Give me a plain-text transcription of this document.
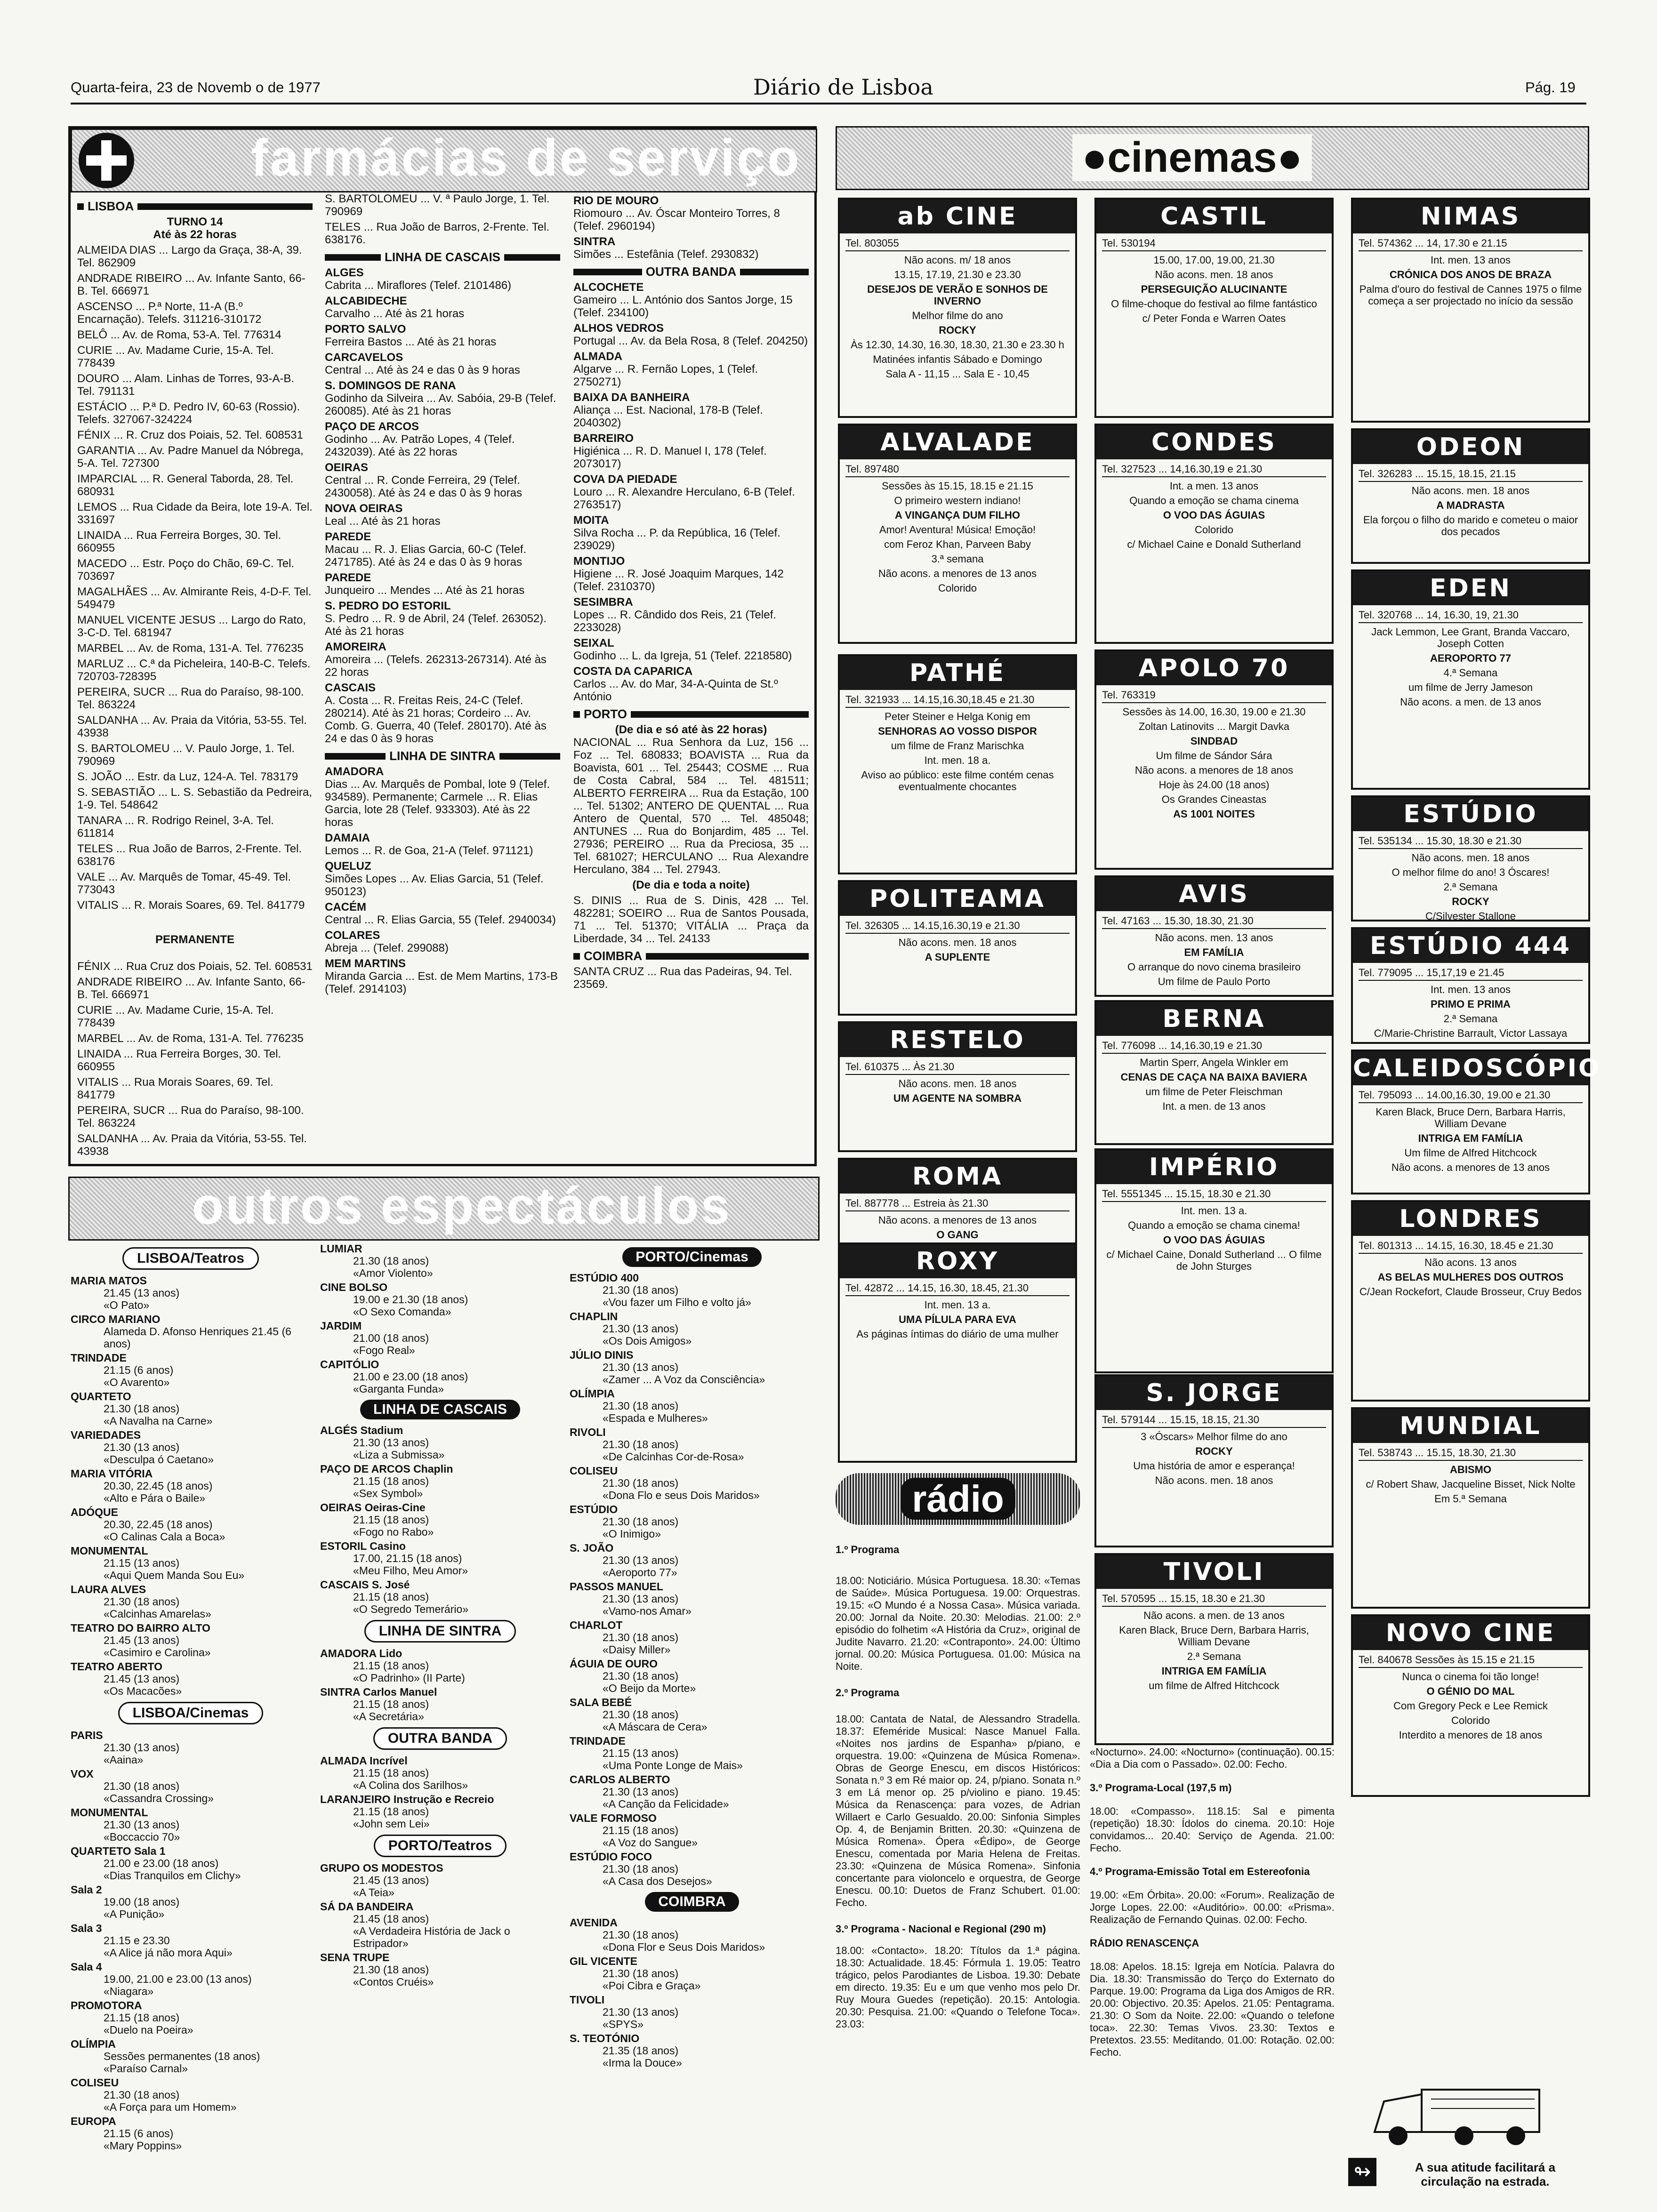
Quarta-feira, 23 de Novemb o de 1977	Diário de Lisboa	Pág. 19
farmácias de serviço
LISBOA
TURNO 14
Até às 22 horas
ALMEIDA DIAS ... Largo da Graça, 38-A, 39. Tel. 862909
ANDRADE RIBEIRO ... Av. Infante Santo, 66-B. Tel. 666971
ASCENSO ... P.ª Norte, 11-A (B.º Encarnação). Telefs. 311216-310172
BELÔ ... Av. de Roma, 53-A. Tel. 776314
CURIE ... Av. Madame Curie, 15-A. Tel. 778439
DOURO ... Alam. Linhas de Torres, 93-A-B. Tel. 791131
ESTÁCIO ... P.ª D. Pedro IV, 60-63 (Rossio). Telefs. 327067-324224
FÉNIX ... R. Cruz dos Poiais, 52. Tel. 608531
GARANTIA ... Av. Padre Manuel da Nóbrega, 5-A. Tel. 727300
IMPARCIAL ... R. General Taborda, 28. Tel. 680931
LEMOS ... Rua Cidade da Beira, lote 19-A. Tel. 331697
LINAIDA ... Rua Ferreira Borges, 30. Tel. 660955
MACEDO ... Estr. Poço do Chão, 69-C. Tel. 703697
MAGALHÃES ... Av. Almirante Reis, 4-D-F. Tel. 549479
MANUEL VICENTE JESUS ... Largo do Rato, 3-C-D. Tel. 681947
MARBEL ... Av. de Roma, 131-A. Tel. 776235
MARLUZ ... C.ª da Picheleira, 140-B-C. Telefs. 720703-728395
PEREIRA, SUCR ... Rua do Paraíso, 98-100. Tel. 863224
SALDANHA ... Av. Praia da Vitória, 53-55. Tel. 43938
S. BARTOLOMEU ... V. Paulo Jorge, 1. Tel. 790969
S. JOÃO ... Estr. da Luz, 124-A. Tel. 783179
S. SEBASTIÃO ... L. S. Sebastião da Pedreira, 1-9. Tel. 548642
TANARA ... R. Rodrigo Reinel, 3-A. Tel. 611814
TELES ... Rua João de Barros, 2-Frente. Tel. 638176
VALE ... Av. Marquês de Tomar, 45-49. Tel. 773043
VITALIS ... R. Morais Soares, 69. Tel. 841779
PERMANENTE
FÉNIX ... Rua Cruz dos Poiais, 52. Tel. 608531
ANDRADE RIBEIRO ... Av. Infante Santo, 66-B. Tel. 666971
CURIE ... Av. Madame Curie, 15-A. Tel. 778439
MARBEL ... Av. de Roma, 131-A. Tel. 776235
LINAIDA ... Rua Ferreira Borges, 30. Tel. 660955
VITALIS ... Rua Morais Soares, 69. Tel. 841779
PEREIRA, SUCR ... Rua do Paraíso, 98-100. Tel. 863224
SALDANHA ... Av. Praia da Vitória, 53-55. Tel. 43938
S. BARTOLOMEU ... V. ª Paulo Jorge, 1. Tel. 790969
TELES ... Rua João de Barros, 2-Frente. Tel. 638176.
LINHA DE CASCAIS
ALGES
Cabrita ... Miraflores (Telef. 2101486)
ALCABIDECHE
Carvalho ... Até às 21 horas
PORTO SALVO
Ferreira Bastos ... Até às 21 horas
CARCAVELOS
Central ... Até às 24 e das 0 às 9 horas
S. DOMINGOS DE RANA
Godinho da Silveira ... Av. Sabóia, 29-B (Telef. 260085). Até às 21 horas
PAÇO DE ARCOS
Godinho ... Av. Patrão Lopes, 4 (Telef. 2432039). Até às 22 horas
OEIRAS
Central ... R. Conde Ferreira, 29 (Telef. 2430058). Até às 24 e das 0 às 9 horas
NOVA OEIRAS
Leal ... Até às 21 horas
PAREDE
Macau ... R. J. Elias Garcia, 60-C (Telef. 2471785). Até às 24 e das 0 às 9 horas
PAREDE
Junqueiro ... Mendes ... Até às 21 horas
S. PEDRO DO ESTORIL
S. Pedro ... R. 9 de Abril, 24 (Telef. 263052). Até às 21 horas
AMOREIRA
Amoreira ... (Telefs. 262313-267314). Até às 22 horas
CASCAIS
A. Costa ... R. Freitas Reis, 24-C (Telef. 280214). Até às 21 horas; Cordeiro ... Av. Comb. G. Guerra, 40 (Telef. 280170). Até às 24 e das 0 às 9 horas
LINHA DE SINTRA
AMADORA
Dias ... Av. Marquês de Pombal, lote 9 (Telef. 934589). Permanente; Carmele ... R. Elias Garcia, lote 28 (Telef. 933303). Até às 22 horas
DAMAIA
Lemos ... R. de Goa, 21-A (Telef. 971121)
QUELUZ
Simões Lopes ... Av. Elias Garcia, 51 (Telef. 950123)
CACÉM
Central ... R. Elias Garcia, 55 (Telef. 2940034)
COLARES
Abreja ... (Telef. 299088)
MEM MARTINS
Miranda Garcia ... Est. de Mem Martins, 173-B (Telef. 2914103)
RIO DE MOURO
Riomouro ... Av. Óscar Monteiro Torres, 8 (Telef. 2960194)
SINTRA
Simões ... Estefânia (Telef. 2930832)
OUTRA BANDA
ALCOCHETE
Gameiro ... L. António dos Santos Jorge, 15 (Telef. 234100)
ALHOS VEDROS
Portugal ... Av. da Bela Rosa, 8 (Telef. 204250)
ALMADA
Algarve ... R. Fernão Lopes, 1 (Telef. 2750271)
BAIXA DA BANHEIRA
Aliança ... Est. Nacional, 178-B (Telef. 2040302)
BARREIRO
Higiénica ... R. D. Manuel I, 178 (Telef. 2073017)
COVA DA PIEDADE
Louro ... R. Alexandre Herculano, 6-B (Telef. 2763517)
MOITA
Silva Rocha ... P. da República, 16 (Telef. 239029)
MONTIJO
Higiene ... R. José Joaquim Marques, 142 (Telef. 2310370)
SESIMBRA
Lopes ... R. Cândido dos Reis, 21 (Telef. 2233028)
SEIXAL
Godinho ... L. da Igreja, 51 (Telef. 2218580)
COSTA DA CAPARICA
Carlos ... Av. do Mar, 34-A-Quinta de St.º António
PORTO
(De dia e só até às 22 horas)
NACIONAL ... Rua Senhora da Luz, 156 ... Foz ... Tel. 680833; BOAVISTA ... Rua da Boavista, 601 ... Tel. 25443; COSME ... Rua de Costa Cabral, 584 ... Tel. 481511; ALBERTO FERREIRA ... Rua da Estação, 100 ... Tel. 51302; ANTERO DE QUENTAL ... Rua Antero de Quental, 570 ... Tel. 485048; ANTUNES ... Rua do Bonjardim, 485 ... Tel. 27936; PEREIRO ... Rua da Preciosa, 35 ... Tel. 681027; HERCULANO ... Rua Alexandre Herculano, 384 ... Tel. 27943.
(De dia e toda a noite)
S. DINIS ... Rua de S. Dinis, 428 ... Tel. 482281; SOEIRO ... Rua de Santos Pousada, 71 ... Tel. 51370; VITÁLIA ... Praça da Liberdade, 34 ... Tel. 24133
COIMBRA
SANTA CRUZ ... Rua das Padeiras, 94. Tel. 23569.
outros espectáculos
LISBOA/Teatros
MARIA MATOS
21.45 (13 anos)
«O Pato»
CIRCO MARIANO
Alameda D. Afonso Henriques 21.45 (6 anos)
TRINDADE
21.15 (6 anos)
«O Avarento»
QUARTETO
21.30 (18 anos)
«A Navalha na Carne»
VARIEDADES
21.30 (13 anos)
«Desculpa ó Caetano»
MARIA VITÓRIA
20.30, 22.45 (18 anos)
«Alto e Pára o Baile»
ADÓQUE
20.30, 22.45 (18 anos)
«O Calinas Cala a Boca»
MONUMENTAL
21.15 (13 anos)
«Aqui Quem Manda Sou Eu»
LAURA ALVES
21.30 (18 anos)
«Calcinhas Amarelas»
TEATRO DO BAIRRO ALTO
21.45 (13 anos)
«Casimiro e Carolina»
TEATRO ABERTO
21.45 (13 anos)
«Os Macacões»
LISBOA/Cinemas
PARIS
21.30 (13 anos)
«Aaina»
VOX
21.30 (18 anos)
«Cassandra Crossing»
MONUMENTAL
21.30 (13 anos)
«Boccaccio 70»
QUARTETO Sala 1
21.00 e 23.00 (18 anos)
«Dias Tranquilos em Clichy»
Sala 2
19.00 (18 anos)
«A Punição»
Sala 3
21.15 e 23.30
«A Alice já não mora Aqui»
Sala 4
19.00, 21.00 e 23.00 (13 anos)
«Niagara»
PROMOTORA
21.15 (18 anos)
«Duelo na Poeira»
OLÍMPIA
Sessões permanentes (18 anos)
«Paraíso Carnal»
COLISEU
21.30 (18 anos)
«A Força para um Homem»
EUROPA
21.15 (6 anos)
«Mary Poppins»
LUMIAR
21.30 (18 anos)
«Amor Violento»
CINE BOLSO
19.00 e 21.30 (18 anos)
«O Sexo Comanda»
JARDIM
21.00 (18 anos)
«Fogo Real»
CAPITÓLIO
21.00 e 23.00 (18 anos)
«Garganta Funda»
LINHA DE CASCAIS
ALGÉS Stadium
21.30 (13 anos)
«Liza a Submissa»
PAÇO DE ARCOS Chaplin
21.15 (18 anos)
«Sex Symbol»
OEIRAS Oeiras-Cine
21.15 (18 anos)
«Fogo no Rabo»
ESTORIL Casino
17.00, 21.15 (18 anos)
«Meu Filho, Meu Amor»
CASCAIS S. José
21.15 (18 anos)
«O Segredo Temerário»
LINHA DE SINTRA
AMADORA Lido
21.15 (18 anos)
«O Padrinho» (II Parte)
SINTRA Carlos Manuel
21.15 (18 anos)
«A Secretária»
OUTRA BANDA
ALMADA Incrível
21.15 (18 anos)
«A Colina dos Sarilhos»
LARANJEIRO Instrução e Recreio
21.15 (18 anos)
«John sem Lei»
PORTO/Teatros
GRUPO OS MODESTOS
21.45 (13 anos)
«A Teia»
SÁ DA BANDEIRA
21.45 (18 anos)
«A Verdadeira História de Jack o Estripador»
SENA TRUPE
21.30 (18 anos)
«Contos Cruéis»
PORTO/Cinemas
ESTÚDIO 400
21.30 (18 anos)
«Vou fazer um Filho e volto já»
CHAPLIN
21.30 (13 anos)
«Os Dois Amigos»
JÚLIO DINIS
21.30 (13 anos)
«Zamer ... A Voz da Consciência»
OLÍMPIA
21.30 (18 anos)
«Espada e Mulheres»
RIVOLI
21.30 (18 anos)
«De Calcinhas Cor-de-Rosa»
COLISEU
21.30 (18 anos)
«Dona Flo e seus Dois Maridos»
ESTÚDIO
21.30 (18 anos)
«O Inimigo»
S. JOÃO
21.30 (13 anos)
«Aeroporto 77»
PASSOS MANUEL
21.30 (13 anos)
«Vamo-nos Amar»
CHARLOT
21.30 (18 anos)
«Daisy Miller»
ÁGUIA DE OURO
21.30 (18 anos)
«O Beijo da Morte»
SALA BEBÉ
21.30 (18 anos)
«A Máscara de Cera»
TRINDADE
21.15 (13 anos)
«Uma Ponte Longe de Mais»
CARLOS ALBERTO
21.30 (13 anos)
«A Canção da Felicidade»
VALE FORMOSO
21.15 (18 anos)
«A Voz do Sangue»
ESTÚDIO FOCO
21.30 (18 anos)
«A Casa dos Desejos»
COIMBRA
AVENIDA
21.30 (18 anos)
«Dona Flor e Seus Dois Maridos»
GIL VICENTE
21.30 (18 anos)
«Poi Cibra e Graça»
TIVOLI
21.30 (13 anos)
«SPYS»
S. TEOTÓNIO
21.35 (18 anos)
«Irma la Douce»
●cinemas●
ab CINE
Tel. 803055
Não acons. m/ 18 anos
13.15, 17.19, 21.30 e 23.30
DESEJOS DE VERÃO E SONHOS DE INVERNO
Melhor filme do ano
ROCKY
Às 12.30, 14.30, 16.30, 18.30, 21.30 e 23.30 h
Matinées infantis Sábado e Domingo
Sala A - 11,15 ... Sala E - 10,45
CASTIL
Tel. 530194
15.00, 17.00, 19.00, 21.30
Não acons. men. 18 anos
PERSEGUIÇÃO ALUCINANTE
O filme-choque do festival ao filme fantástico
c/ Peter Fonda e Warren Oates
NIMAS
Tel. 574362 ... 14, 17.30 e 21.15
Int. men. 13 anos
CRÓNICA DOS ANOS DE BRAZA
Palma d'ouro do festival de Cannes 1975 o filme começa a ser projectado no início da sessão
ALVALADE
Tel. 897480
Sessões às 15.15, 18.15 e 21.15
O primeiro western indiano!
A VINGANÇA DUM FILHO
Amor! Aventura! Música! Emoção!
com Feroz Khan, Parveen Baby
3.ª semana
Não acons. a menores de 13 anos
Colorido
CONDES
Tel. 327523 ... 14,16.30,19 e 21.30
Int. a men. 13 anos
Quando a emoção se chama cinema
O VOO DAS ÁGUIAS
Colorido
c/ Michael Caine e Donald Sutherland
ODEON
Tel. 326283 ... 15.15, 18.15, 21.15
Não acons. men. 18 anos
A MADRASTA
Ela forçou o filho do marido e cometeu o maior dos pecados
PATHÉ
Tel. 321933 ... 14.15,16.30,18.45 e 21.30
Peter Steiner e Helga Konig em
SENHORAS AO VOSSO DISPOR
um filme de Franz Marischka
Int. men. 18 a.
Aviso ao público: este filme contém cenas eventualmente chocantes
APOLO 70
Tel. 763319
Sessões às 14.00, 16.30, 19.00 e 21.30
Zoltan Latinovits ... Margit Davka
SINDBAD
Um filme de Sándor Sára
Não acons. a menores de 18 anos
Hoje às 24.00 (18 anos)
Os Grandes Cineastas
AS 1001 NOITES
EDEN
Tel. 320768 ... 14, 16.30, 19, 21.30
Jack Lemmon, Lee Grant, Branda Vaccaro, Joseph Cotten
AEROPORTO 77
4.ª Semana
um filme de Jerry Jameson
Não acons. a men. de 13 anos
POLITEAMA
Tel. 326305 ... 14.15,16.30,19 e 21.30
Não acons. men. 18 anos
A SUPLENTE
AVIS
Tel. 47163 ... 15.30, 18.30, 21.30
Não acons. men. 13 anos
EM FAMÍLIA
O arranque do novo cinema brasileiro
Um filme de Paulo Porto
ESTÚDIO
Tel. 535134 ... 15.30, 18.30 e 21.30
Não acons. men. 18 anos
O melhor filme do ano! 3 Óscares!
2.ª Semana
ROCKY
C/Silvester Stallone
RESTELO
Tel. 610375 ... Às 21.30
Não acons. men. 18 anos
UM AGENTE NA SOMBRA
BERNA
Tel. 776098 ... 14,16.30,19 e 21.30
Martin Sperr, Angela Winkler em
CENAS DE CAÇA NA BAIXA BAVIERA
um filme de Peter Fleischman
Int. a men. de 13 anos
ESTÚDIO 444
Tel. 779095 ... 15,17,19 e 21.45
Int. men. 13 anos
PRIMO E PRIMA
2.ª Semana
C/Marie-Christine Barrault, Victor Lassaya
ROMA
Tel. 887778 ... Estreia às 21.30
Não acons. a menores de 13 anos
O GANG
IMPÉRIO
Tel. 5551345 ... 15.15, 18.30 e 21.30
Int. men. 13 a.
Quando a emoção se chama cinema!
O VOO DAS ÁGUIAS
c/ Michael Caine, Donald Sutherland ... O filme de John Sturges
CALEIDOSCÓPIO
Tel. 795093 ... 14.00,16.30, 19.00 e 21.30
Karen Black, Bruce Dern, Barbara Harris, William Devane
INTRIGA EM FAMÍLIA
Um filme de Alfred Hitchcock
Não acons. a menores de 13 anos
ROXY
Tel. 42872 ... 14.15, 16.30, 18.45, 21.30
Int. men. 13 a.
UMA PÍLULA PARA EVA
As páginas íntimas do diário de uma mulher
LONDRES
Tel. 801313 ... 14.15, 16.30, 18.45 e 21.30
Não acons. 13 anos
AS BELAS MULHERES DOS OUTROS
C/Jean Rockefort, Claude Brosseur, Cruy Bedos
S. JORGE
Tel. 579144 ... 15.15, 18.15, 21.30
3 «Óscars» Melhor filme do ano
ROCKY
Uma história de amor e esperança!
Não acons. men. 18 anos
MUNDIAL
Tel. 538743 ... 15.15, 18.30, 21.30
ABISMO
c/ Robert Shaw, Jacqueline Bisset, Nick Nolte
Em 5.ª Semana
TIVOLI
Tel. 570595 ... 15.15, 18.30 e 21.30
Não acons. a men. de 13 anos
Karen Black, Bruce Dern, Barbara Harris, William Devane
2.ª Semana
INTRIGA EM FAMÍLIA
um filme de Alfred Hitchcock
NOVO CINE
Tel. 840678 Sessões às 15.15 e 21.15
Nunca o cinema foi tão longe!
O GÉNIO DO MAL
Com Gregory Peck e Lee Remick
Colorido
Interdito a menores de 18 anos
rádio
1.º Programa
18.00: Noticiário. Música Portuguesa. 18.30: «Temas de Saúde». Música Portuguesa. 19.00: Orquestras. 19.15: «O Mundo é a Nossa Casa». Música variada. 20.00: Jornal da Noite. 20.30: Melodias. 21.00: 2.º episódio do folhetim «A História da Cruz», original de Judite Navarro. 21.20: «Contraponto». 24.00: Último jornal. 00.20: Música Portuguesa. 01.00: Música na Noite.
2.º Programa
18.00: Cantata de Natal, de Alessandro Stradella. 18.37: Efeméride Musical: Nasce Manuel Falla. «Noites nos jardins de Espanha» p/piano, e orquestra. 19.00: «Quinzena de Música Romena». Obras de George Enescu, em discos Históricos: Sonata n.º 3 em Ré maior op. 24, p/piano. Sonata n.º 3 em Lá menor op. 25 p/violino e piano. 19.45: Música da Renascença: para vozes, de Adrian Willaert e Carlo Gesualdo. 20.00: Sinfonia Simples Op. 4, de Benjamin Britten. 20.30: «Quinzena de Música Romena». Ópera «Édipo», de George Enescu, comentada por Maria Helena de Freitas. 23.30: «Quinzena de Música Romena». Sinfonia concertante para violoncelo e orquestra, de George Enescu. 00.10: Duetos de Franz Schubert. 01.00: Fecho.
3.º Programa - Nacional e Regional (290 m)
18.00: «Contacto». 18.20: Títulos da 1.ª página. 18.30: Actualidade. 18.45: Fórmula 1. 19.05: Teatro trágico, pelos Parodiantes de Lisboa. 19.30: Debate em directo. 19.35: Eu e um que venho mos pelo Dr. Ruy Moura Guedes (repetição). 20.15: Antologia. 20.30: Pesquisa. 21.00: «Quando o Telefone Toca». 23.03:
«Nocturno». 24.00: «Nocturno» (continuação). 00.15: «Dia a Dia com o Passado». 02.00: Fecho.
3.º Programa-Local (197,5 m)
18.00: «Compasso». 118.15: Sal e pimenta (repetição) 18.30: Ídolos do cinema. 20.10: Hoje convidamos... 20.40: Serviço de Agenda. 21.00: Fecho.
4.º Programa-Emissão Total em Estereofonia
19.00: «Em Órbita». 20.00: «Forum». Realização de Jorge Lopes. 22.00: «Auditório». 00.00: «Prisma». Realização de Fernando Quinas. 02.00: Fecho.
RÁDIO RENASCENÇA
18.08: Apelos. 18.15: Igreja em Notícia. Palavra do Dia. 18.30: Transmissão do Terço do Externato do Parque. 19.00: Programa da Liga dos Amigos de RR. 20.00: Objectivo. 20.35: Apelos. 21.05: Pentagrama. 21.30: O Som da Noite. 22.00: «Quando o telefone toca». 22.30: Temas Vivos. 23.30: Textos e Pretextos. 23.55: Meditando. 01.00: Rotação. 02.00: Fecho.
↬	A sua atitude facilitará a circulação na estrada.
